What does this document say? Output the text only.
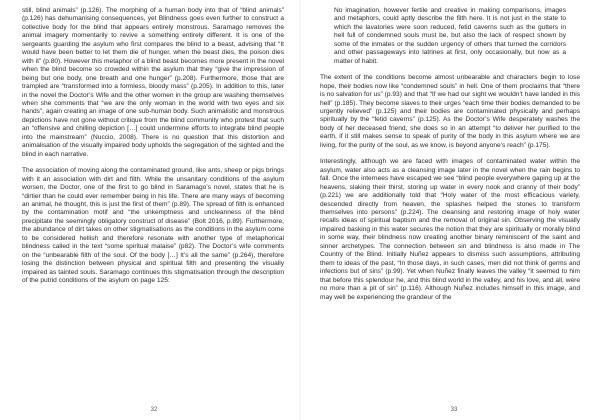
still, blind animals” (p.126). The morphing of a human body into that of “blind animals” (p.126) has dehumanising consequences, yet Blindness goes even further to construct a collective body for the blind that appears entirely monstrous. Saramago removes the animal imagery momentarily to revive a something entirely different. It is one of the sergeants guarding the asylum who first compares the blind to a beast, advising that “It would have been better to let them die of hunger, when the beast dies, the poison dies with it” (p.80). However this metaphor of a blind beast becomes more present in the novel when the blind become so crowded within the asylum that they “give the impression of being but one body, one breath and one hunger” (p.208). Furthermore, those that are trampled are “transformed into a formless, bloody mass” (p.205). In addition to this, later in the novel the Doctor’s Wife and the other women in the group are washing themselves when she comments that “we are the only woman in the world with two eyes and six hands”, again creating an image of one sub-human body. Such animalistic and monstrous depictions have not gone without critique from the blind community who protest that such an “offensive and chilling depiction […] could undermine efforts to integrate blind people into the mainstream” (Nuccio, 2008). There is no question that this distortion and animalisation of the visually impaired body upholds the segregation of the sighted and the blind in each narrative.

The association of moving along the contaminated ground, like ants, sheep or pigs brings with it an association with dirt and filth. While the unsanitary conditions of the asylum worsen, the Doctor, one of the first to go blind in Saramago’s novel, states that he is “dirtier than he could ever remember being in his life. There are many ways of becoming an animal, he thought, this is just the first of them” (p.89). The spread of filth is enhanced by the contamination motif and “the unkemptness and uncleanness of the blind precipitate the seemingly obligatory construct of disease” (Bolt 2016, p.89). Furthermore, the abundance of dirt takes on other stigmatisations as the conditions in the asylum come to be considered hellish and therefore resonate with another type of metaphorical blindness called in the text “some spiritual malaise” (p82). The Doctor’s wife comments on the “unbearable filth of the soul. Of the body […] It’s all the same” (p.264), therefore losing the distinction between physical and spiritual filth and presenting the visually impaired as tainted souls. Saramago continues this stigmatisation through the description of the putrid conditions of the asylum on page 125:

32

No imagination, however fertile and creative in making comparisons, images and metaphors, could aptly describe the filth here. It is not just in the state to which the lavatories were soon reduced, fetid caverns such as the gutters in hell full of condemned souls must be, but also the lack of respect shown by some of the inmates or the sudden urgency of others that turned the corridors and other passageways into latrines at first, only occasionally, but now as a matter of habit.

The extent of the conditions become almost unbearable and characters begin to lose hope, their bodies now like “condemned souls” in hell. One of them proclaims that “there is no salvation for us” (p.93) and that “If we had our sight we wouldn’t have landed in this hell” (p.185). They become slaves to their urges “each time their bodies demanded to be urgently relieved” (p.125) and their bodies are contaminated physically and perhaps spiritually by the “fetid caverns” (p.125). As the Doctor’s Wife desperately washes the body of her deceased friend, she does so in an attempt “to deliver her purified to the earth, if it still makes sense to speak of purity of the body in this asylum where we are living, for the purity of the soul, as we know, is beyond anyone’s reach” (p.175).

Interestingly, although we are faced with images of contaminated water within the asylum, water also acts as a cleansing image later in the novel when the rain begins to fall. Once the internees have escaped we see “blind people everywhere gaping up at the heavens, slaking their thirst, storing up water in every nook and cranny of their body” (p.221) we are additionally told that “Holy water of the most efficacious variety, descended directly from heaven, the splashes helped the stones to transform themselves into persons” (p.224). The cleansing and restoring image of holy water recalls ideas of spiritual baptism and the removal of original sin. Observing the visually impaired basking in this water secures the notion that they are spiritually or morally blind in some way, their blindness now creating another binary reminiscent of the saint and sinner archetypes. The connection between sin and blindness is also made in The Country of the Blind. Initially Nuñez appears to dismiss such assumptions, attributing them to ideas of the past, “In those days, in such cases, men did not think of germs and infections but of sins” (p.99). Yet when Nuñez finally leaves the valley “it seemed to him that before this splendour he, and this blind world in the valley, and his love, and all, were no more than a pit of sin” (p.116). Although Nuñez includes himself in this image, and may well be experiencing the grandeur of the

33
